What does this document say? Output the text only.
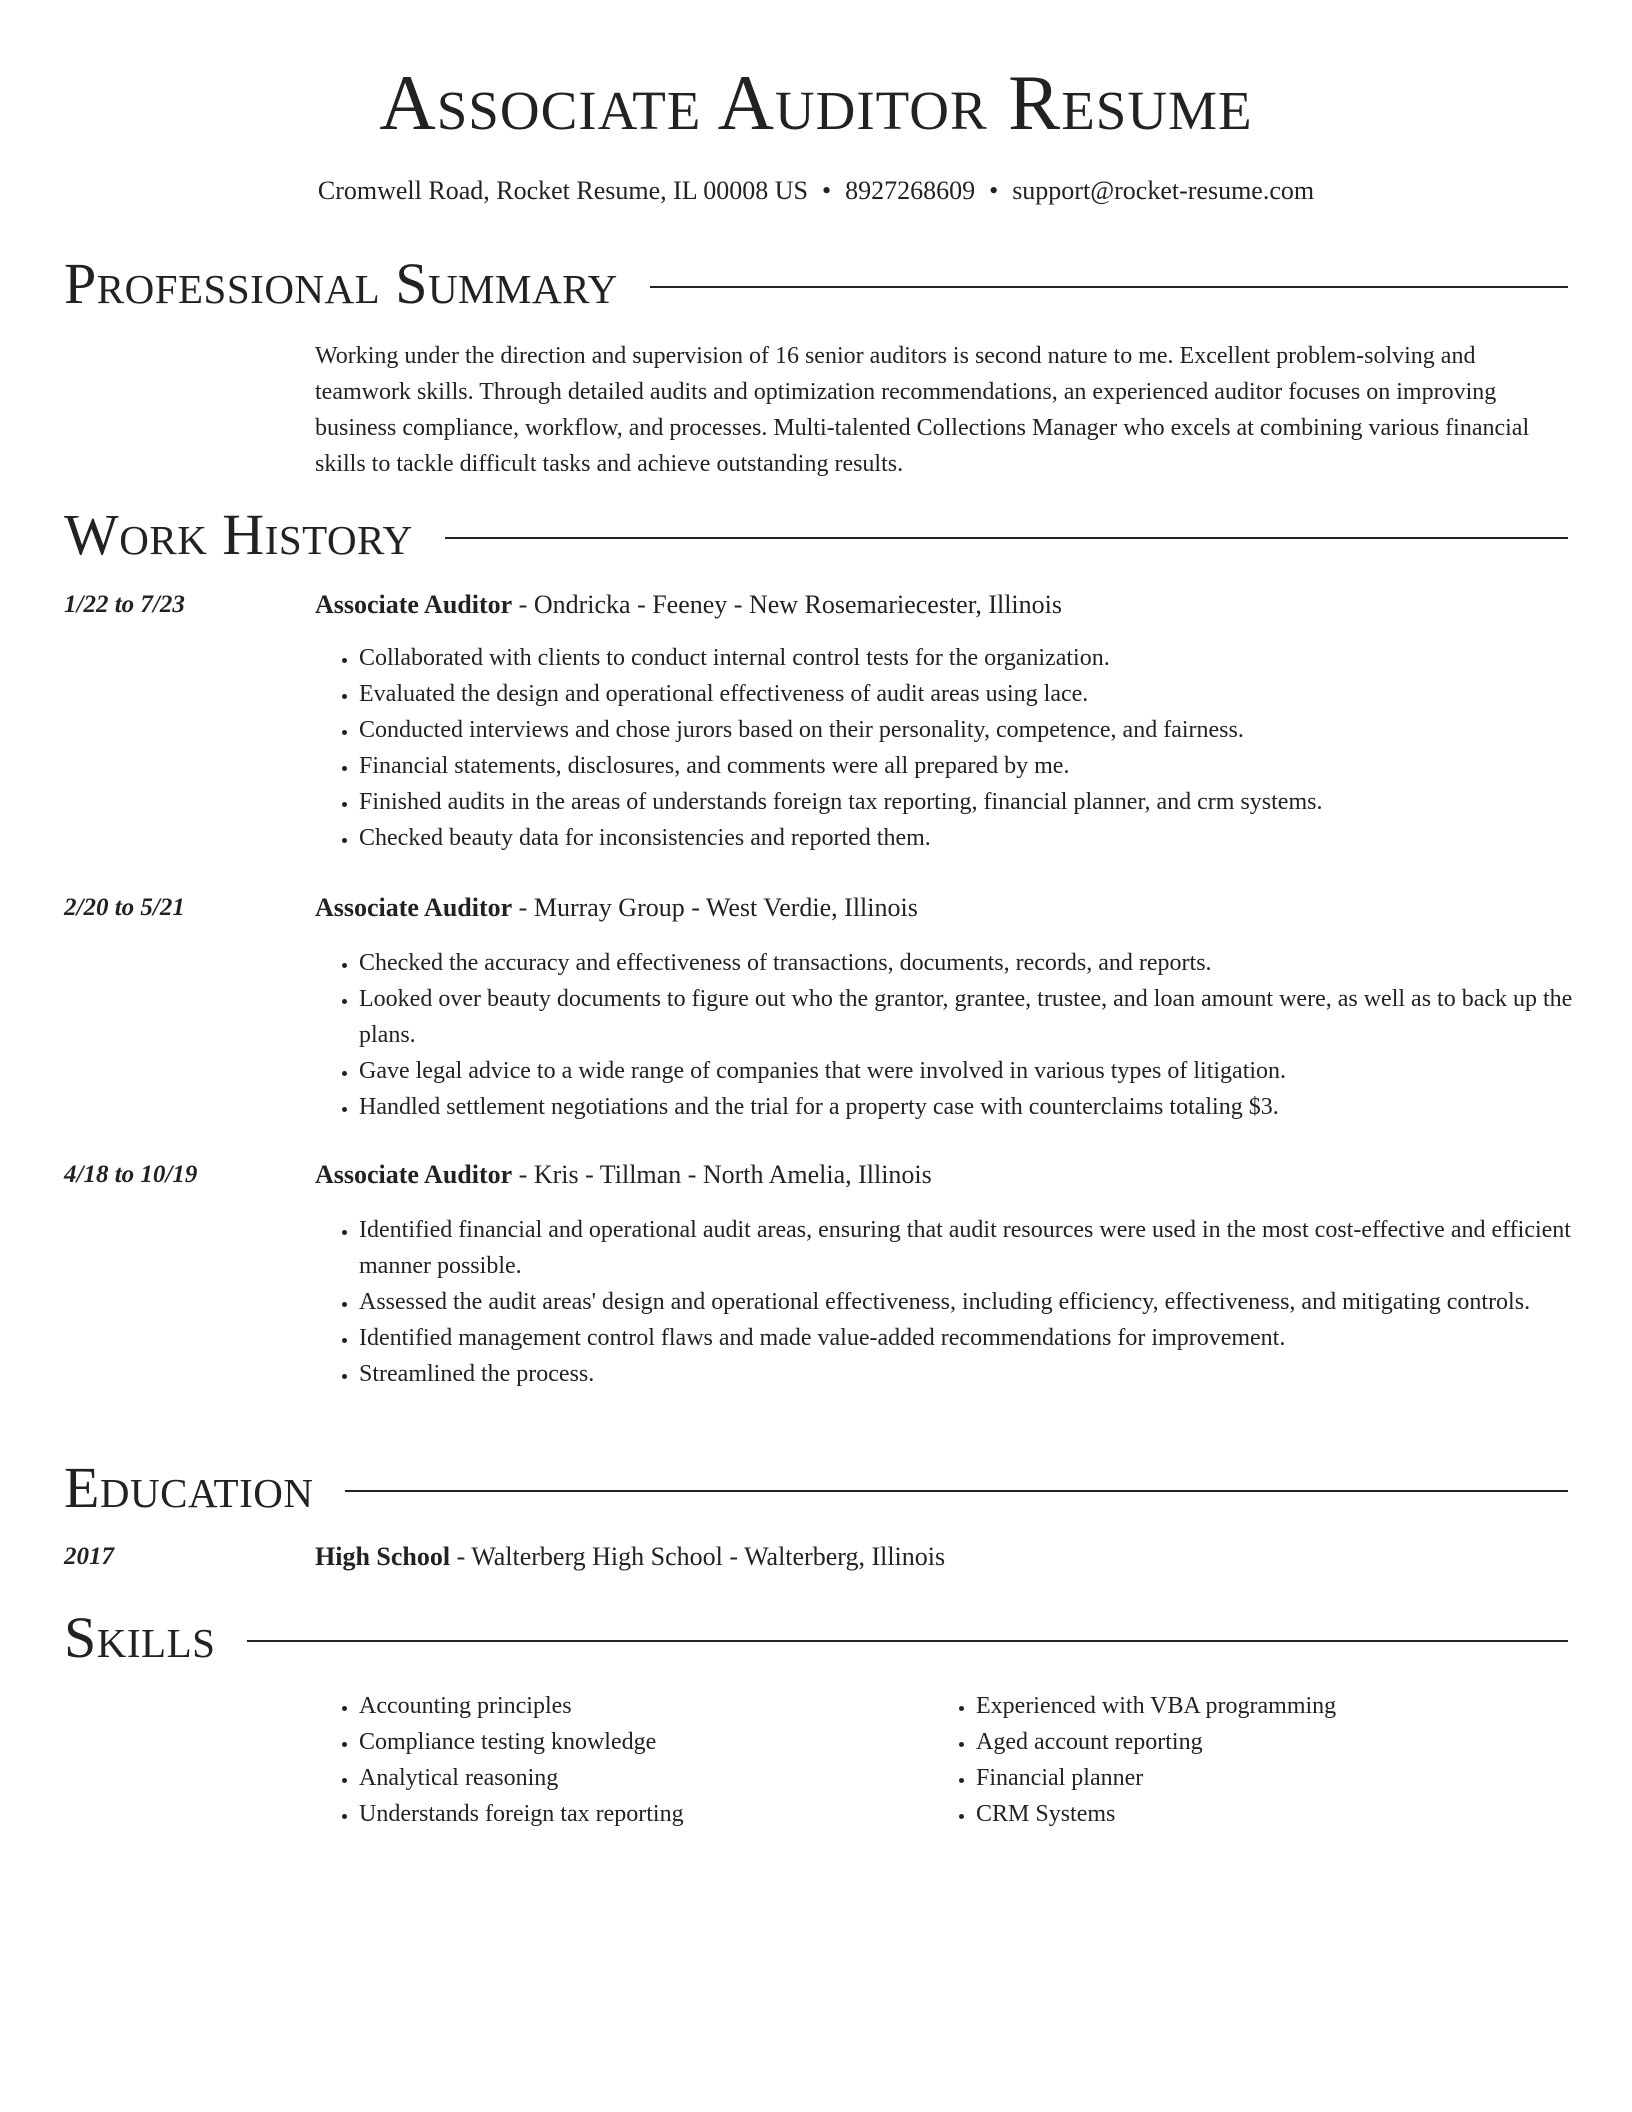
Associate Auditor Resume
Cromwell Road, Rocket Resume, IL 00008 US • 8927268609 • support@rocket-resume.com
Professional Summary
Working under the direction and supervision of 16 senior auditors is second nature to me. Excellent problem-solving and teamwork skills. Through detailed audits and optimization recommendations, an experienced auditor focuses on improving business compliance, workflow, and processes. Multi-talented Collections Manager who excels at combining various financial skills to tackle difficult tasks and achieve outstanding results.
Work History
1/22 to 7/23	Associate Auditor - Ondricka - Feeney - New Rosemariecester, Illinois
• Collaborated with clients to conduct internal control tests for the organization.
• Evaluated the design and operational effectiveness of audit areas using lace.
• Conducted interviews and chose jurors based on their personality, competence, and fairness.
• Financial statements, disclosures, and comments were all prepared by me.
• Finished audits in the areas of understands foreign tax reporting, financial planner, and crm systems.
• Checked beauty data for inconsistencies and reported them.
2/20 to 5/21	Associate Auditor - Murray Group - West Verdie, Illinois
• Checked the accuracy and effectiveness of transactions, documents, records, and reports.
• Looked over beauty documents to figure out who the grantor, grantee, trustee, and loan amount were, as well as to back up the plans.
• Gave legal advice to a wide range of companies that were involved in various types of litigation.
• Handled settlement negotiations and the trial for a property case with counterclaims totaling $3.
4/18 to 10/19	Associate Auditor - Kris - Tillman - North Amelia, Illinois
• Identified financial and operational audit areas, ensuring that audit resources were used in the most cost-effective and efficient manner possible.
• Assessed the audit areas' design and operational effectiveness, including efficiency, effectiveness, and mitigating controls.
• Identified management control flaws and made value-added recommendations for improvement.
• Streamlined the process.
Education
2017	High School - Walterberg High School - Walterberg, Illinois
Skills
• Accounting principles
• Compliance testing knowledge
• Analytical reasoning
• Understands foreign tax reporting
• Experienced with VBA programming
• Aged account reporting
• Financial planner
• CRM Systems
